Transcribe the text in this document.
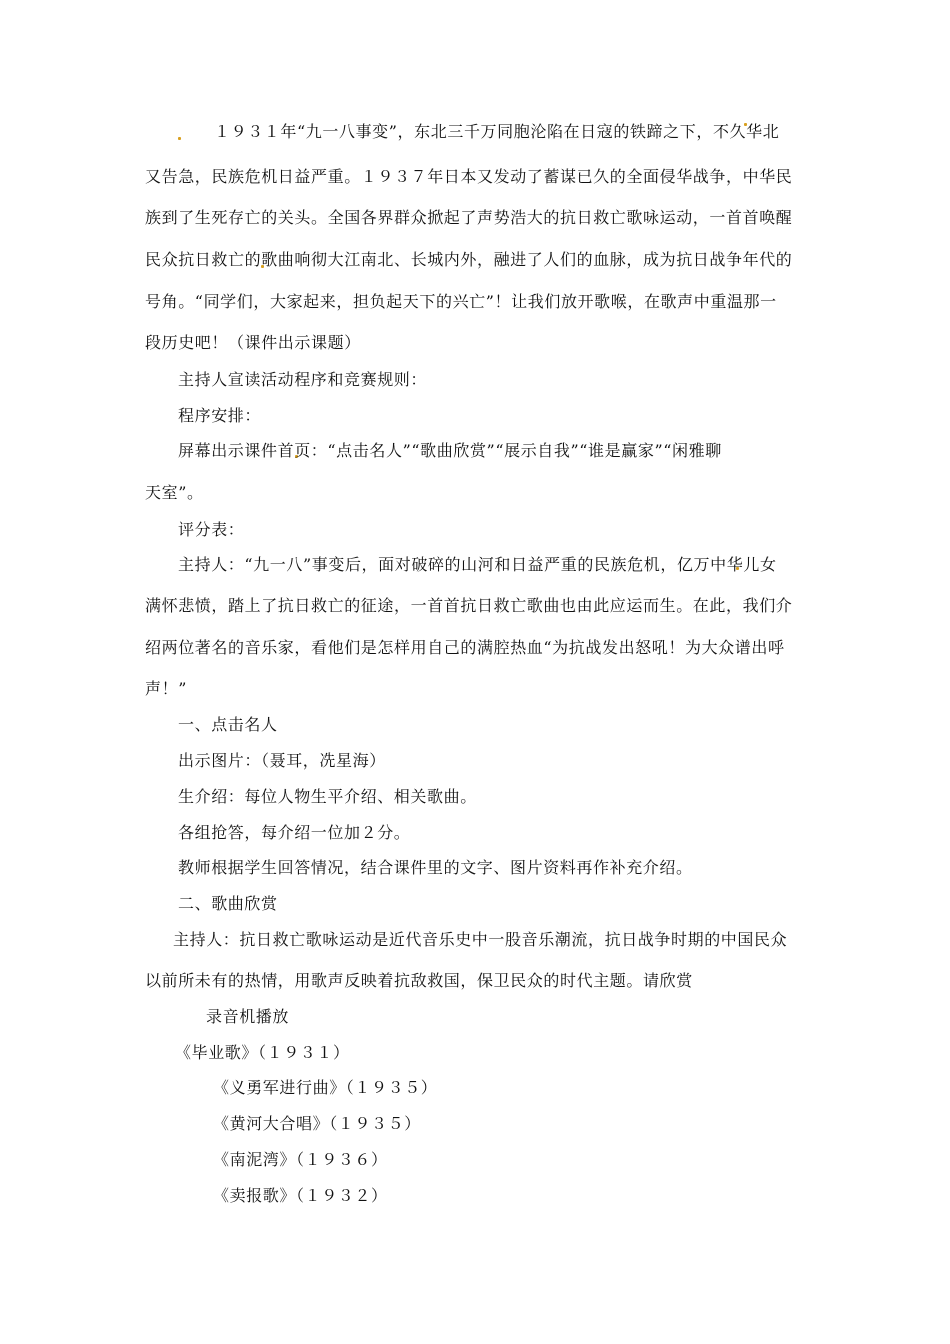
１９３１年“九一八事变”，东北三千万同胞沦陷在日寇的铁蹄之下，不久华北
又告急，民族危机日益严重。１９３７年日本又发动了蓄谋已久的全面侵华战争，中华民
族到了生死存亡的关头。全国各界群众掀起了声势浩大的抗日救亡歌咏运动，一首首唤醒
民众抗日救亡的歌曲响彻大江南北、长城内外，融进了人们的血脉，成为抗日战争年代的
号角。“同学们，大家起来，担负起天下的兴亡”！让我们放开歌喉，在歌声中重温那一
段历史吧！（课件出示课题）
主持人宣读活动程序和竞赛规则：
程序安排：
屏幕出示课件首页：“点击名人”“歌曲欣赏”“展示自我”“谁是赢家”“闲雅聊
天室”。
评分表：
主持人：“九一八”事变后，面对破碎的山河和日益严重的民族危机，亿万中华儿女
满怀悲愤，踏上了抗日救亡的征途，一首首抗日救亡歌曲也由此应运而生。在此，我们介
绍两位著名的音乐家，看他们是怎样用自己的满腔热血“为抗战发出怒吼！为大众谱出呼
声！”
一、点击名人
出示图片：（聂耳，冼星海）
生介绍：每位人物生平介绍、相关歌曲。
各组抢答，每介绍一位加２分。
教师根据学生回答情况，结合课件里的文字、图片资料再作补充介绍。
二、歌曲欣赏
主持人：抗日救亡歌咏运动是近代音乐史中一股音乐潮流，抗日战争时期的中国民众
以前所未有的热情，用歌声反映着抗敌救国，保卫民众的时代主题。请欣赏
录音机播放
《毕业歌》（１９３１）
《义勇军进行曲》（１９３５）
《黄河大合唱》（１９３５）
《南泥湾》（１９３６）
《卖报歌》（１９３２）
